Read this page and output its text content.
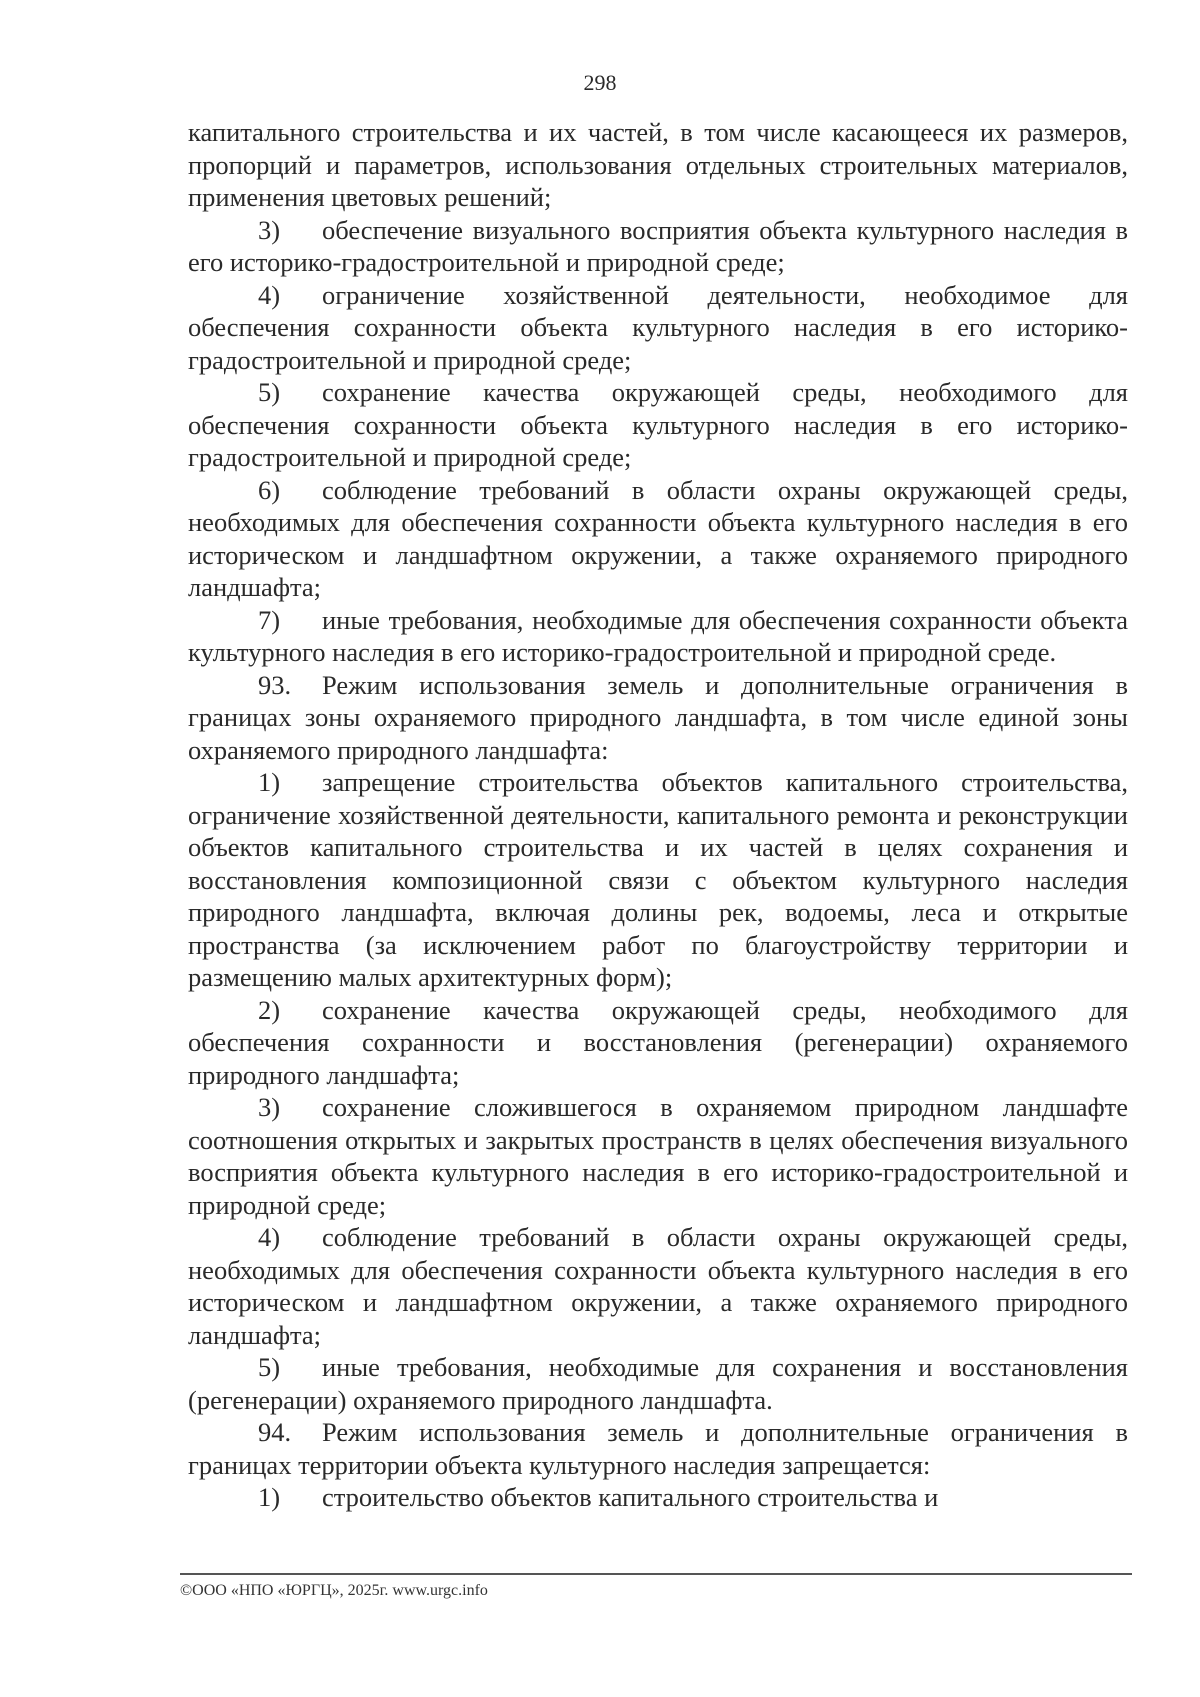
298

капитального строительства и их частей, в том числе касающееся их размеров, пропорций и параметров, использования отдельных строительных материалов, применения цветовых решений;

3) обеспечение визуального восприятия объекта культурного наследия в его историко-градостроительной и природной среде;

4) ограничение хозяйственной деятельности, необходимое для обеспечения сохранности объекта культурного наследия в его историко-градостроительной и природной среде;

5) сохранение качества окружающей среды, необходимого для обеспечения сохранности объекта культурного наследия в его историко-градостроительной и природной среде;

6) соблюдение требований в области охраны окружающей среды, необходимых для обеспечения сохранности объекта культурного наследия в его историческом и ландшафтном окружении, а также охраняемого природного ландшафта;

7) иные требования, необходимые для обеспечения сохранности объекта культурного наследия в его историко-градостроительной и природной среде.

93. Режим использования земель и дополнительные ограничения в границах зоны охраняемого природного ландшафта, в том числе единой зоны охраняемого природного ландшафта:

1) запрещение строительства объектов капитального строительства, ограничение хозяйственной деятельности, капитального ремонта и реконструкции объектов капитального строительства и их частей в целях сохранения и восстановления композиционной связи с объектом культурного наследия природного ландшафта, включая долины рек, водоемы, леса и открытые пространства (за исключением работ по благоустройству территории и размещению малых архитектурных форм);

2) сохранение качества окружающей среды, необходимого для обеспечения сохранности и восстановления (регенерации) охраняемого природного ландшафта;

3) сохранение сложившегося в охраняемом природном ландшафте соотношения открытых и закрытых пространств в целях обеспечения визуального восприятия объекта культурного наследия в его историко-градостроительной и природной среде;

4) соблюдение требований в области охраны окружающей среды, необходимых для обеспечения сохранности объекта культурного наследия в его историческом и ландшафтном окружении, а также охраняемого природного ландшафта;

5) иные требования, необходимые для сохранения и восстановления (регенерации) охраняемого природного ландшафта.

94. Режим использования земель и дополнительные ограничения в границах территории объекта культурного наследия запрещается:

1) строительство объектов капитального строительства и

©ООО «НПО «ЮРГЦ», 2025г. www.urgc.info
